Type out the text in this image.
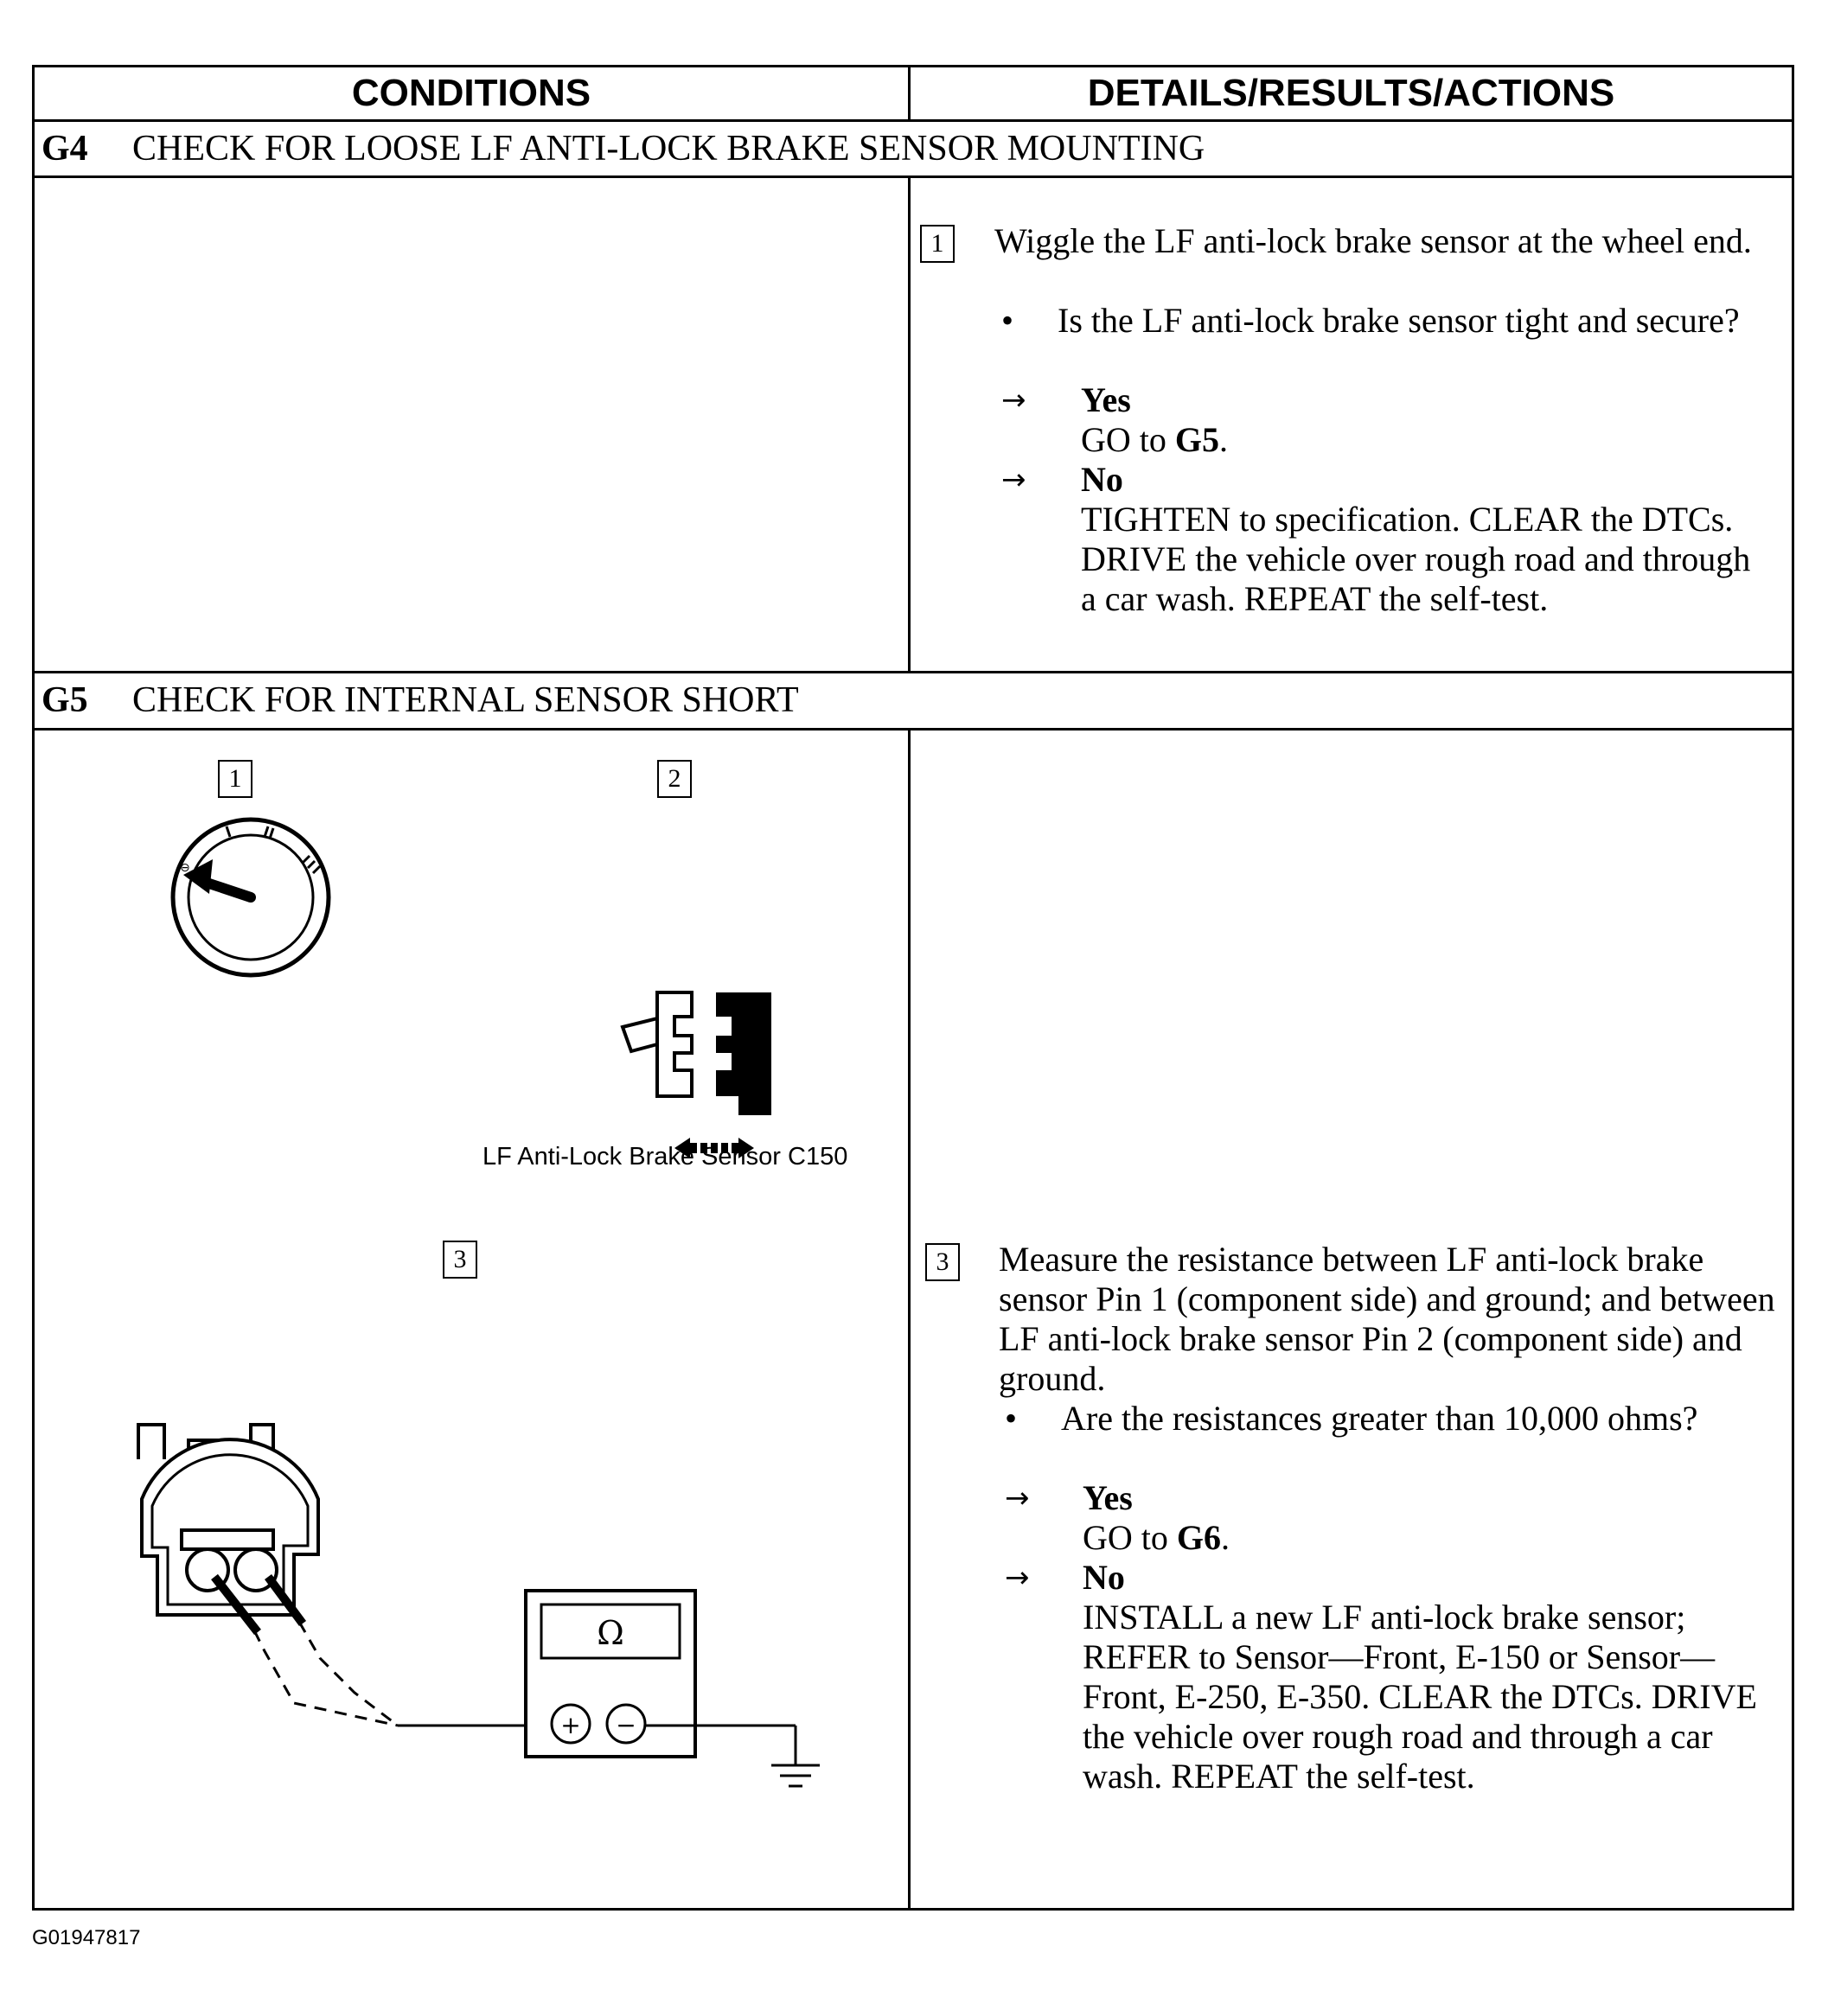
CONDITIONS	DETAILS/RESULTS/ACTIONS
G4 CHECK FOR LOOSE LF ANTI-LOCK BRAKE SENSOR MOUNTING
1	Wiggle the LF anti-lock brake sensor at the wheel end.
• Is the LF anti-lock brake sensor tight and secure?
→ Yes
GO to G5.
→ No
TIGHTEN to specification. CLEAR the DTCs. DRIVE the vehicle over rough road and through a car wash. REPEAT the self-test.
G5 CHECK FOR INTERNAL SENSOR SHORT
1
⊖
2
LF Anti-Lock Brake Sensor C150
3
Ω
+ −
3	Measure the resistance between LF anti-lock brake sensor Pin 1 (component side) and ground; and between LF anti-lock brake sensor Pin 2 (component side) and ground.
• Are the resistances greater than 10,000 ohms?
→ Yes
GO to G6.
→ No
INSTALL a new LF anti-lock brake sensor; REFER to Sensor—Front, E-150 or Sensor—Front, E-250, E-350. CLEAR the DTCs. DRIVE the vehicle over rough road and through a car wash. REPEAT the self-test.
G01947817
